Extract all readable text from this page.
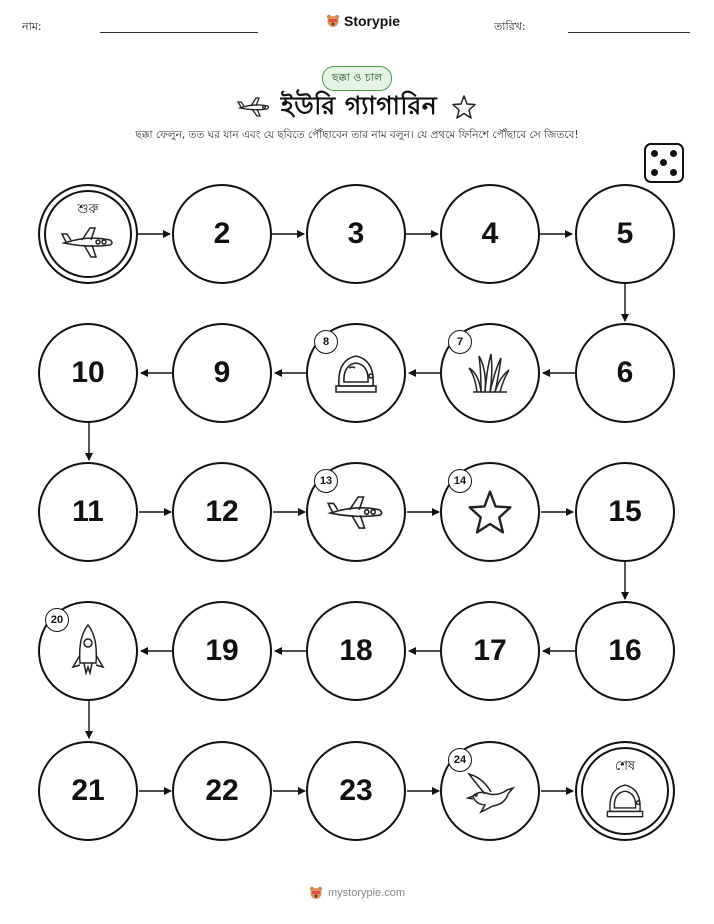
নাম:	Storypie	তারিখ:
ছক্কা ও চাল
ইউরি গ্যাগারিন
ছক্কা ফেলুন, তত ঘর যান এবং যে ছবিতে পৌঁছাবেন তার নাম বলুন। যে প্রথমে ফিনিশে পৌঁছাবে সে জিতবে!
শুরু
2	3	4	5
10	9
8	7
6
11	12
13	14
15
20
19	18	17	16
21	22	23
24	শেষ
mystorypie.com
